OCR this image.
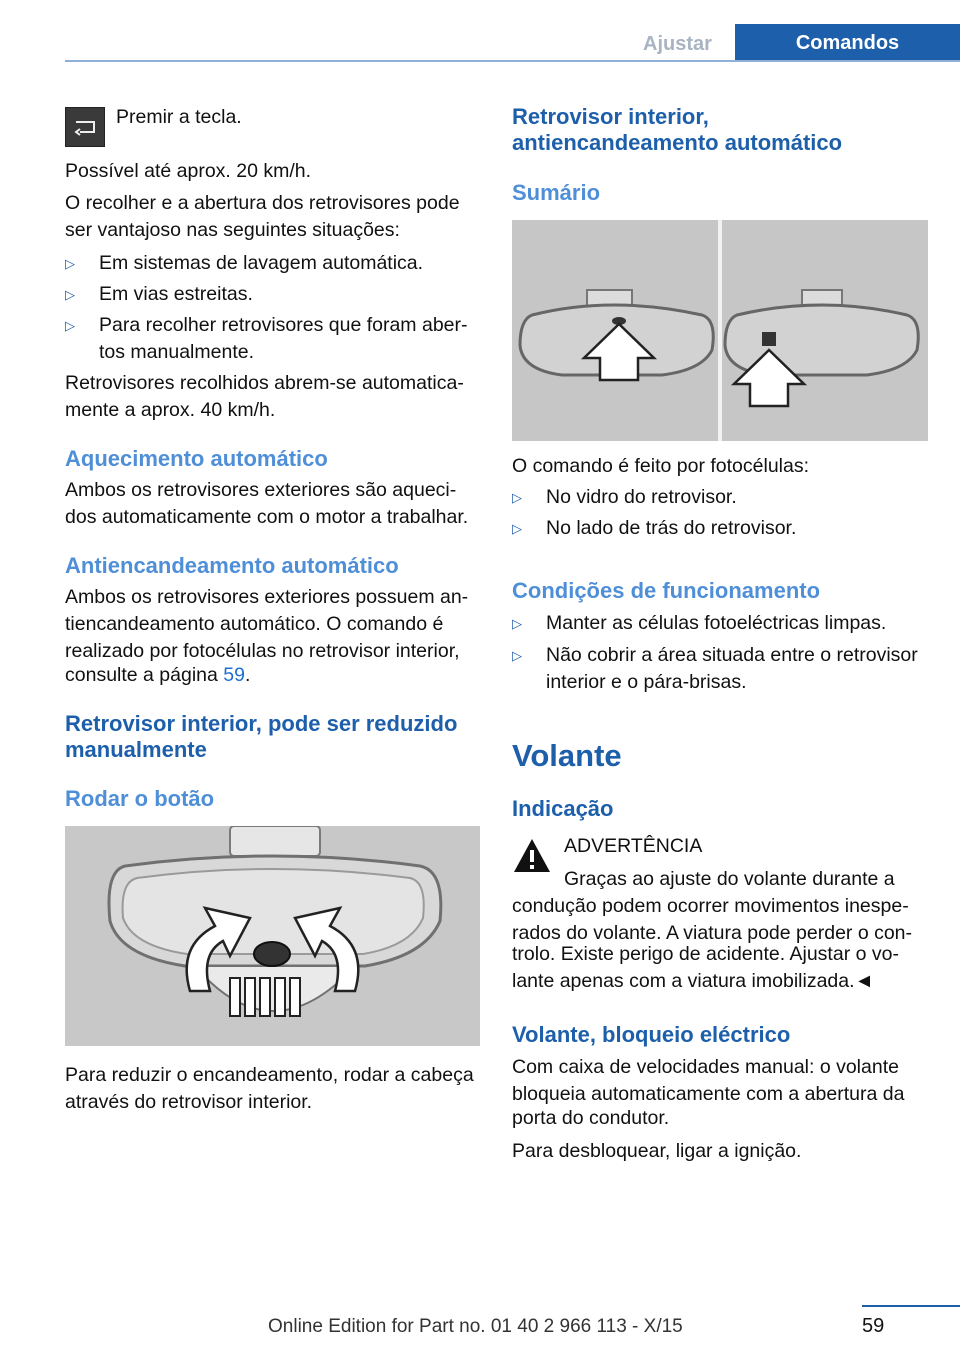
Ajustar	Comandos

Premir a tecla.

Possível até aprox. 20 km/h.

O recolher e a abertura dos retrovisores pode

ser vantajoso nas seguintes situações:

▷ Em sistemas de lavagem automática.
▷ Em vias estreitas.
▷ Para recolher retrovisores que foram aber-
tos manualmente.

Retrovisores recolhidos abrem-se automatica-

mente a aprox. 40 km/h.

Aquecimento automático

Ambos os retrovisores exteriores são aqueci-

dos automaticamente com o motor a trabalhar.

Antiencandeamento automático

Ambos os retrovisores exteriores possuem an-

tiencandeamento automático. O comando é

realizado por fotocélulas no retrovisor interior,

consulte a página 59.

Retrovisor interior, pode ser reduzido
manualmente
Rodar o botão

Para reduzir o encandeamento, rodar a cabeça

através do retrovisor interior.

Retrovisor interior,
antiencandeamento automático
Sumário

O comando é feito por fotocélulas:

▷ No vidro do retrovisor.
▷ No lado de trás do retrovisor.
Condições de funcionamento
▷ Manter as células fotoeléctricas limpas.
▷ Não cobrir a área situada entre o retrovisor
interior e o pára-brisas.
Volante
Indicação

ADVERTÊNCIA

Graças ao ajuste do volante durante a

condução podem ocorrer movimentos inespe-

rados do volante. A viatura pode perder o con-

trolo. Existe perigo de acidente. Ajustar o vo-

lante apenas com a viatura imobilizada.◄

Volante, bloqueio eléctrico

Com caixa de velocidades manual: o volante

bloqueia automaticamente com a abertura da

porta do condutor.

Para desbloquear, ligar a ignição.

59
Online Edition for Part no. 01 40 2 966 113 - X/15
